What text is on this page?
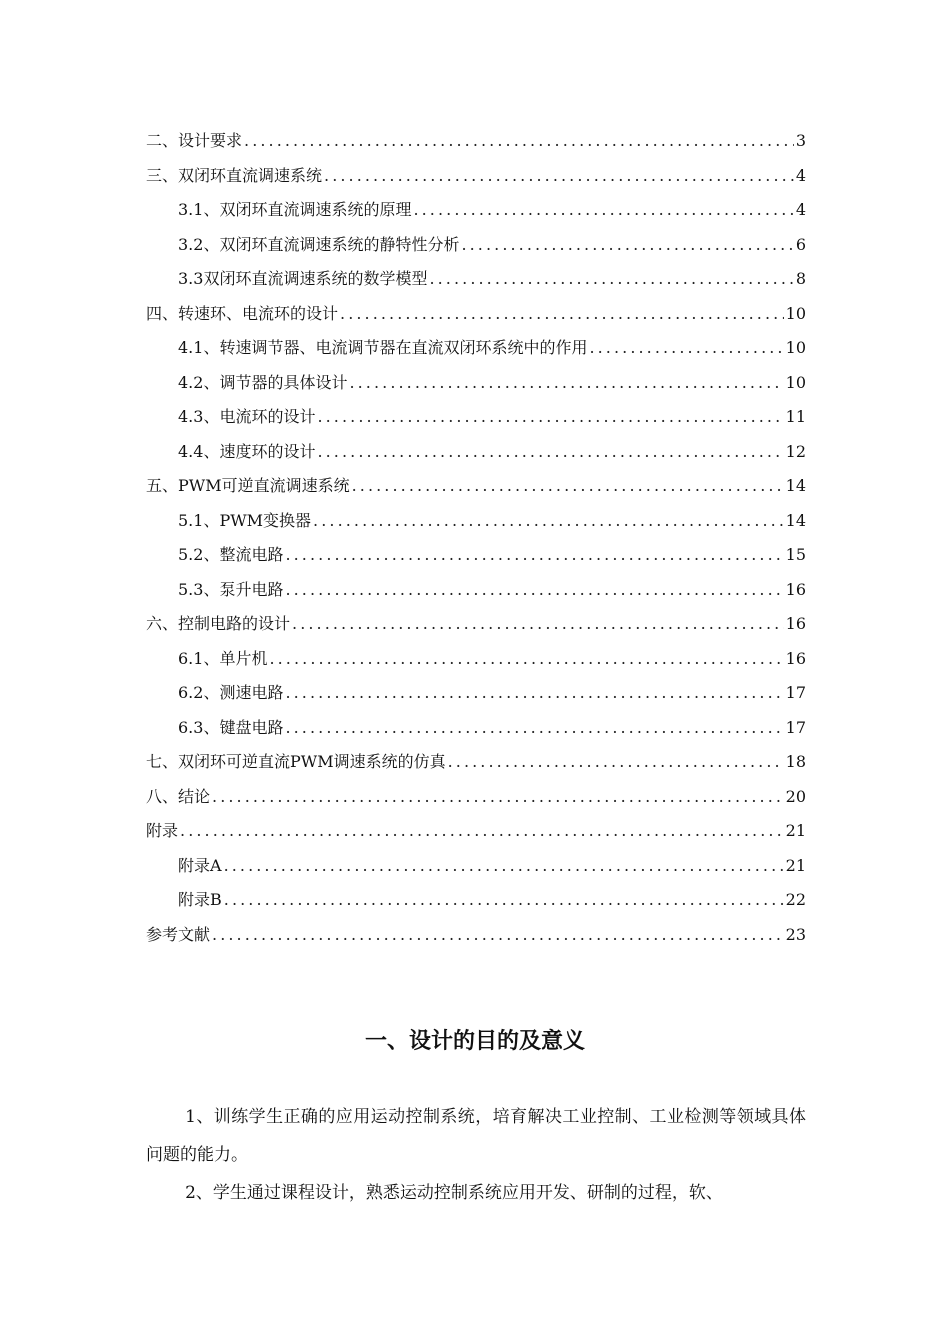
二、设计要求 . . .	3
三、双闭环直流调速系统 . . .	4
3.1、双闭环直流调速系统的原理 . . .	4
3.2、双闭环直流调速系统的静特性分析 . . .	6
3.3双闭环直流调速系统的数学模型 . . .	8
四、转速环、电流环的设计 . . .	10
4.1、转速调节器、电流调节器在直流双闭环系统中的作用 . . .	10
4.2、调节器的具体设计 . . .	10
4.3、电流环的设计 . . .	11
4.4、速度环的设计 . . .	12
五、PWM可逆直流调速系统 . . .	14
5.1、PWM变换器 . . .	14
5.2、整流电路 . . .	15
5.3、泵升电路 . . .	16
六、控制电路的设计 . . .	16
6.1、单片机 . . .	16
6.2、测速电路 . . .	17
6.3、键盘电路 . . .	17
七、双闭环可逆直流PWM调速系统的仿真 . . .	18
八、结论 . . .	20
附录 . . .	21
附录A . . .	21
附录B . . .	22
参考文献 . . .	23
一、设计的目的及意义

1、训练学生正确的应用运动控制系统，培育解决工业控制、工业检测等领域具体问题的能力。

2、学生通过课程设计，熟悉运动控制系统应用开发、研制的过程，软、
